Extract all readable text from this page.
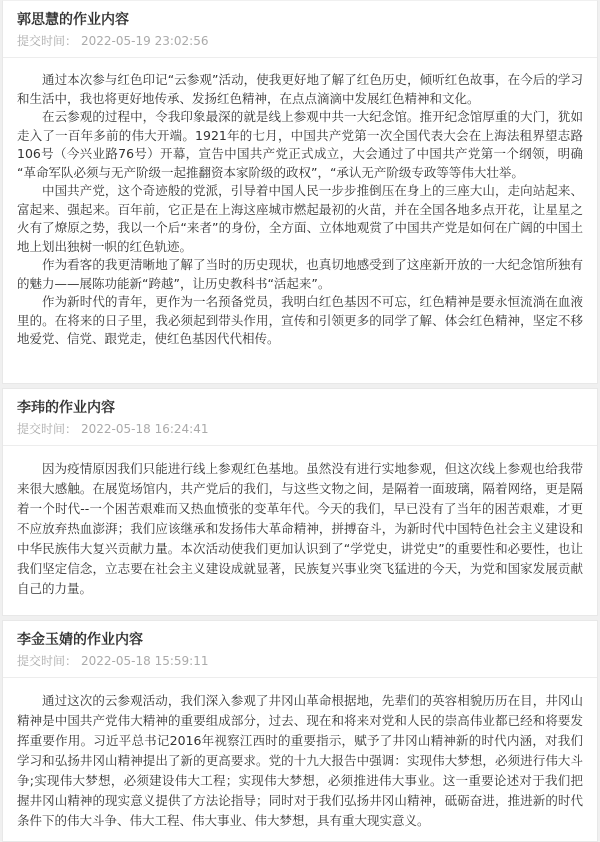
郭思慧的作业内容
提交时间： 2022-05-19 23:02:56

通过本次参与红色印记“云参观”活动，使我更好地了解了红色历史，倾听红色故事，在今后的学习和生活中，我也将更好地传承、发扬红色精神，在点点滴滴中发展红色精神和文化。

在云参观的过程中，令我印象最深的就是线上参观中共一大纪念馆。推开纪念馆厚重的大门，犹如走入了一百年多前的伟大开端。1921年的七月，中国共产党第一次全国代表大会在上海法租界望志路106号（今兴业路76号）开幕，宣告中国共产党正式成立，大会通过了中国共产党第一个纲领，明确“革命军队必须与无产阶级一起推翻资本家阶级的政权”，“承认无产阶级专政等等伟大壮举。

中国共产党，这个奇迹般的党派，引导着中国人民一步步推倒压在身上的三座大山，走向站起来、富起来、强起来。百年前，它正是在上海这座城市燃起最初的火苗，并在全国各地多点开花，让星星之火有了燎原之势，我以一个后“来者”的身份，全方面、立体地观赏了中国共产党是如何在广阔的中国土地上划出独树一帜的红色轨迹。

作为看客的我更清晰地了解了当时的历史现状，也真切地感受到了这座新开放的一大纪念馆所独有的魅力——展陈功能新“跨越”，让历史教科书“活起来”。

作为新时代的青年，更作为一名预备党员，我明白红色基因不可忘，红色精神是要永恒流淌在血液里的。在将来的日子里，我必须起到带头作用，宣传和引领更多的同学了解、体会红色精神，坚定不移地爱党、信党、跟党走，使红色基因代代相传。

李玮的作业内容
提交时间： 2022-05-18 16:24:41

因为疫情原因我们只能进行线上参观红色基地。虽然没有进行实地参观，但这次线上参观也给我带来很大感触。在展览场馆内，共产党后的我们，与这些文物之间，是隔着一面玻璃，隔着网络，更是隔着一个时代--一个困苦艰难而又热血愤张的变革年代。今天的我们，早已没有了当年的困苦艰难，才更不应放弃热血澎湃；我们应该继承和发扬伟大革命精神，拼搏奋斗，为新时代中国特色社会主义建设和中华民族伟大复兴贡献力量。本次活动使我们更加认识到了“学党史，讲党史”的重要性和必要性，也让我们坚定信念，立志要在社会主义建设成就显著，民族复兴事业突飞猛进的今天，为党和国家发展贡献自己的力量。

李金玉婧的作业内容
提交时间： 2022-05-18 15:59:11

通过这次的云参观活动，我们深入参观了井冈山革命根据地，先辈们的英容相貌历历在目，井冈山精神是中国共产党伟大精神的重要组成部分，过去、现在和将来对党和人民的崇高伟业都已经和将要发挥重要作用。习近平总书记2016年视察江西时的重要指示，赋予了井冈山精神新的时代内涵，对我们学习和弘扬井冈山精神提出了新的更高要求。党的十九大报告中强调：实现伟大梦想，必须进行伟大斗争;实现伟大梦想，必须建设伟大工程；实现伟大梦想，必须推进伟大事业。这一重要论述对于我们把握井冈山精神的现实意义提供了方法论指导；同时对于我们弘扬井冈山精神，砥砺奋进，推进新的时代条件下的伟大斗争、伟大工程、伟大事业、伟大梦想，具有重大现实意义。
